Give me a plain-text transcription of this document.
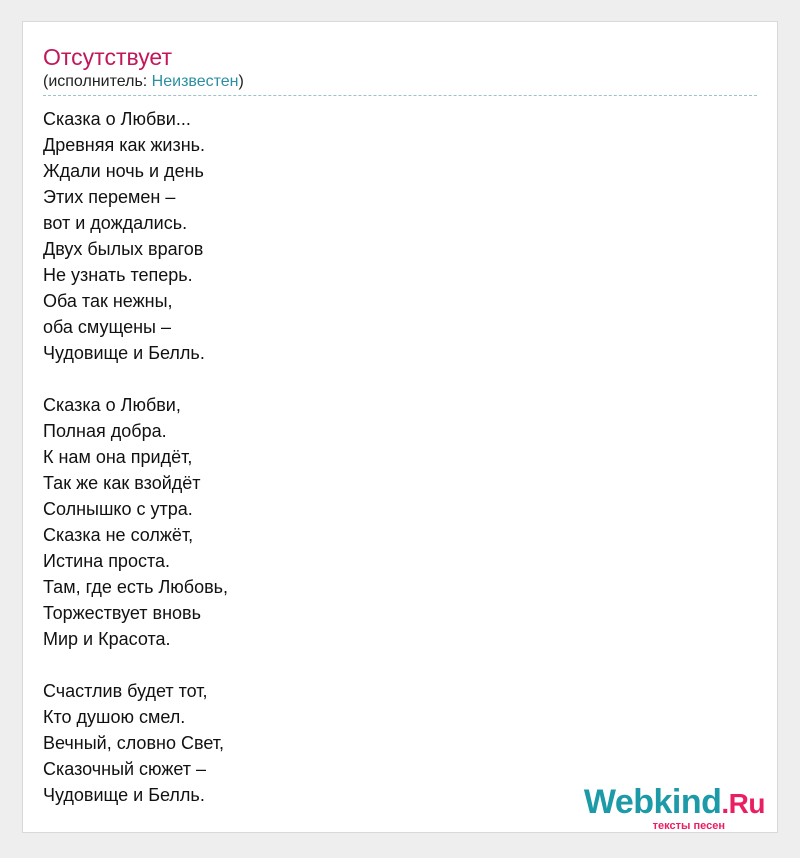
Отсутствует
(исполнитель: Неизвестен)
Сказка о Любви...
Древняя как жизнь.
Ждали ночь и день
Этих перемен –
вот и дождались.
Двух былых врагов
Не узнать теперь.
Оба так нежны,
оба смущены –
Чудовище и Белль.
Сказка о Любви,
Полная добра.
К нам она придёт,
Так же как взойдёт
Солнышко с утра.
Сказка не солжёт,
Истина проста.
Там, где есть Любовь,
Торжествует вновь
Мир и Красота.
Счастлив будет тот,
Кто душою смел.
Вечный, словно Свет,
Сказочный сюжет –
Чудовище и Белль.	Webkind.Ru
тексты песен
